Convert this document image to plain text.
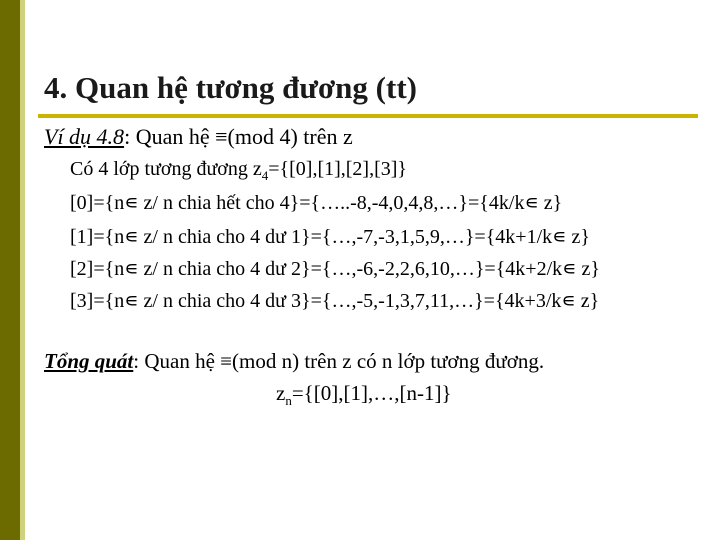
4. Quan hệ tương đương (tt)
Ví dụ 4.8: Quan hệ ≡(mod 4) trên z
Có 4 lớp tương đương $z_4=\{[0],[1],[2],[3]\}$
[0]={n∊ z/ n chia hết cho 4}={…..-8,-4,0,4,8,…}={4k/k∊ z}
[1]={n∊ z/ n chia cho 4 dư 1}={…,-7,-3,1,5,9,…}={4k+1/k∊ z}
[2]={n∊ z/ n chia cho 4 dư 2}={…,-6,-2,2,6,10,…}={4k+2/k∊ z}
[3]={n∊ z/ n chia cho 4 dư 3}={…,-5,-1,3,7,11,…}={4k+3/k∊ z}
Tổng quát: Quan hệ ≡(mod n) trên z có n lớp tương đương.
$z_n=\{[0],[1],\dots,[n-1]\}$
